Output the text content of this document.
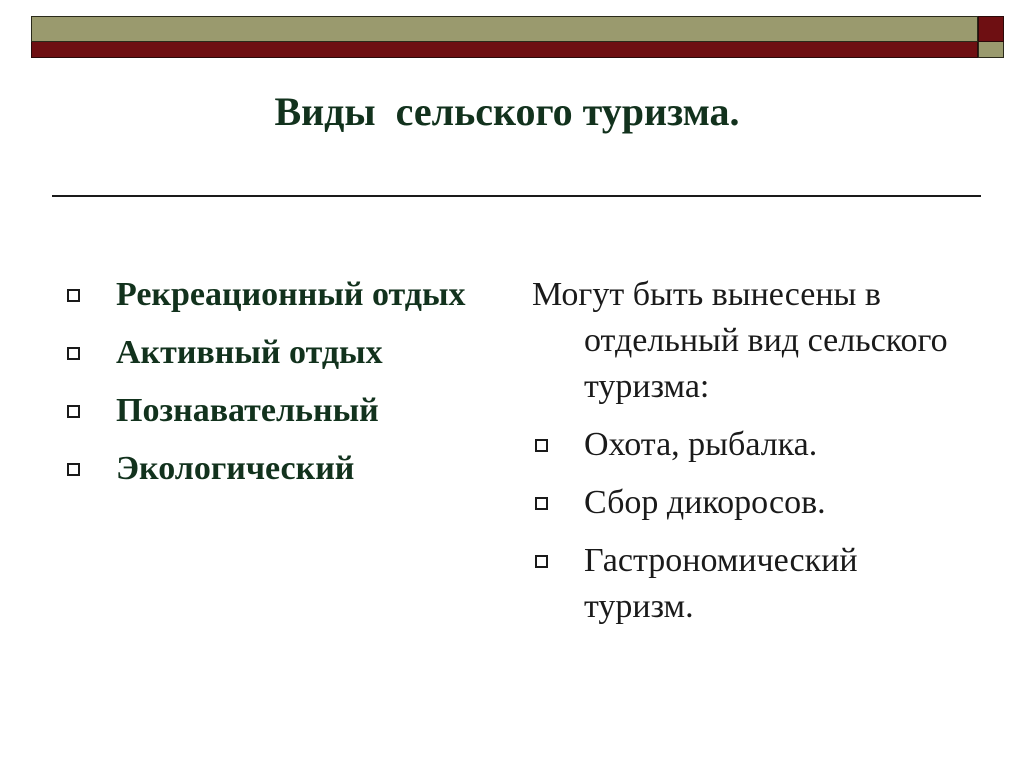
Виды  сельского туризма.
Рекреационный отдых
Активный отдых
Познавательный
Экологический
Могут быть вынесены в отдельный вид сельского туризма:
Охота, рыбалка.
Сбор дикоросов.
Гастрономический туризм.
